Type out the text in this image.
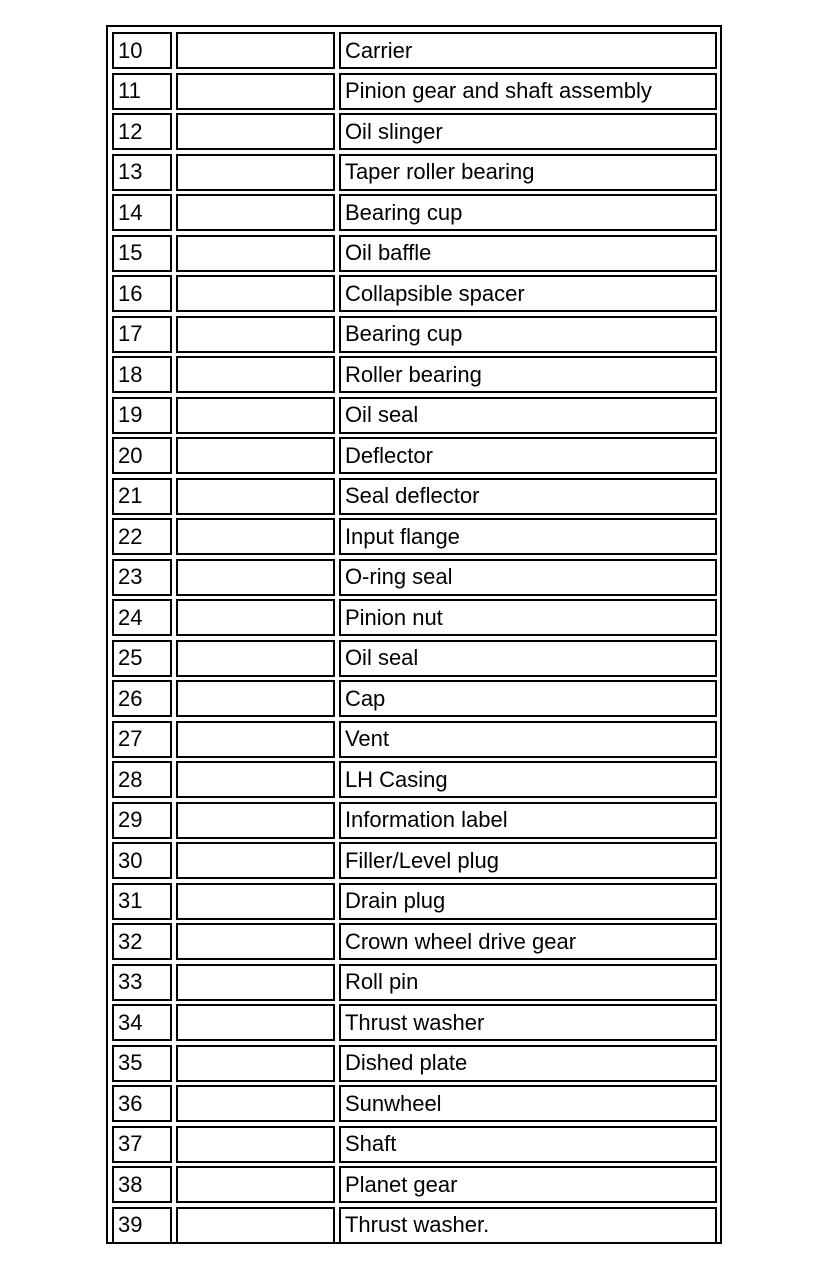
10	Carrier
11	Pinion gear and shaft assembly
12	Oil slinger
13	Taper roller bearing
14	Bearing cup
15	Oil baffle
16	Collapsible spacer
17	Bearing cup
18	Roller bearing
19	Oil seal
20	Deflector
21	Seal deflector
22	Input flange
23	O-ring seal
24	Pinion nut
25	Oil seal
26	Cap
27	Vent
28	LH Casing
29	Information label
30	Filler/Level plug
31	Drain plug
32	Crown wheel drive gear
33	Roll pin
34	Thrust washer
35	Dished plate
36	Sunwheel
37	Shaft
38	Planet gear
39	Thrust washer.
